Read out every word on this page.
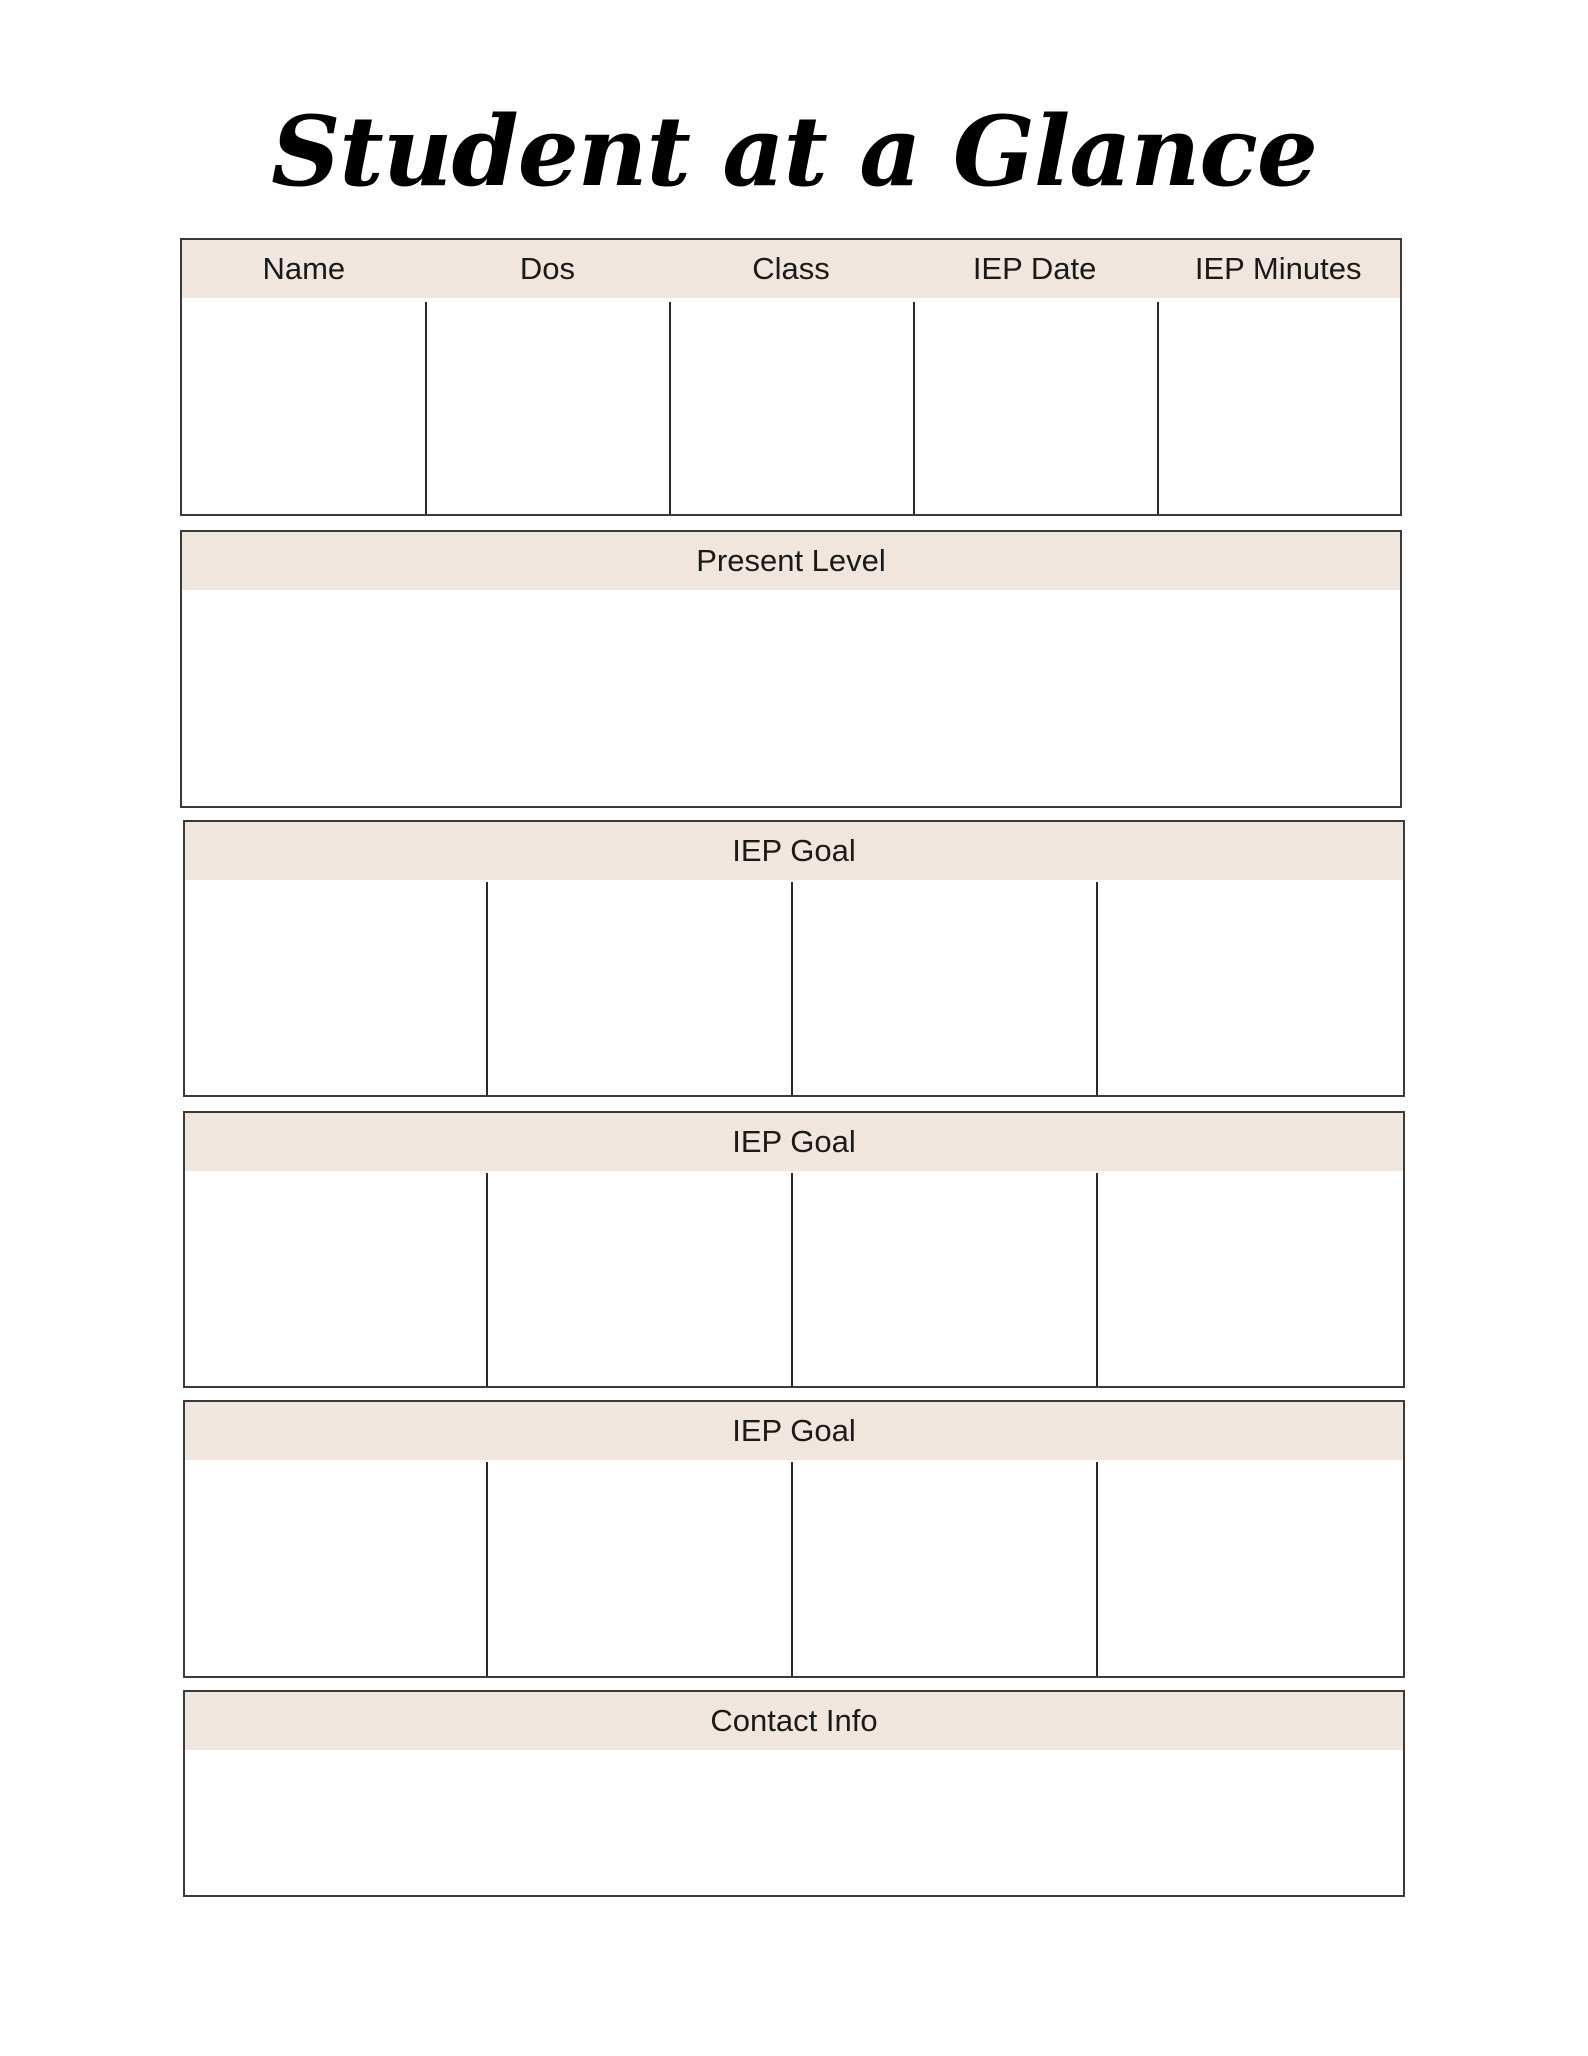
Student at a Glance
Name	Dos	Class	IEP Date	IEP Minutes
Present Level
IEP Goal
IEP Goal
IEP Goal
Contact Info
